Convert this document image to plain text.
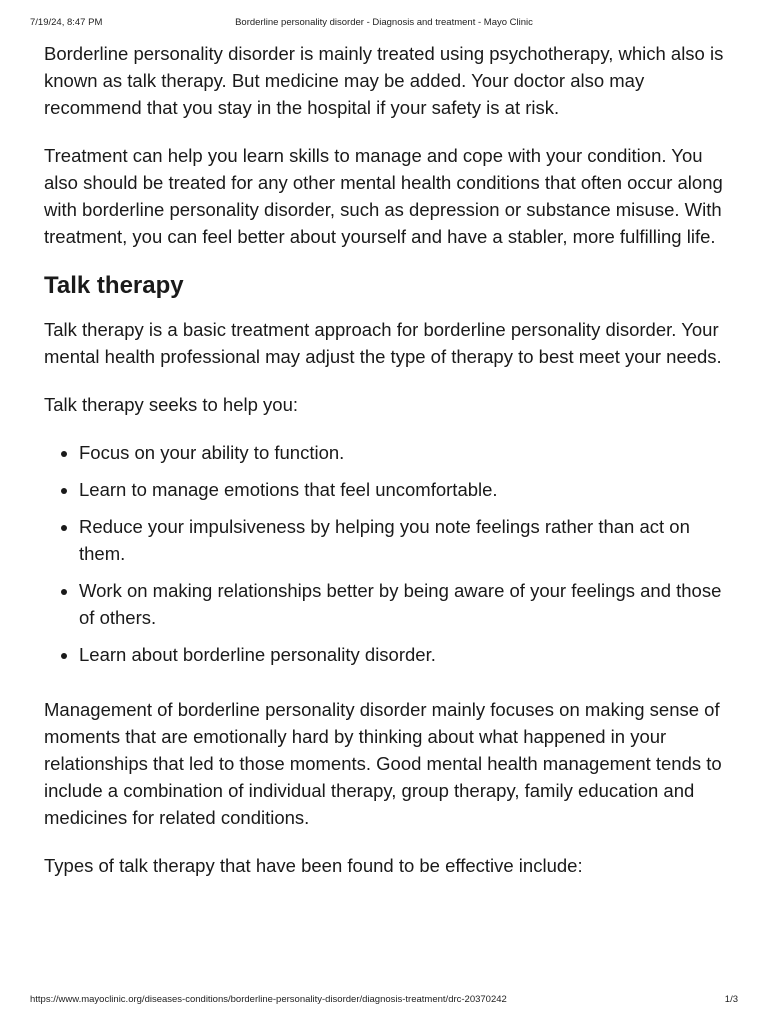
7/19/24, 8:47 PM	Borderline personality disorder - Diagnosis and treatment - Mayo Clinic

Borderline personality disorder is mainly treated using psychotherapy, which also is known as talk therapy. But medicine may be added. Your doctor also may recommend that you stay in the hospital if your safety is at risk.

Treatment can help you learn skills to manage and cope with your condition. You also should be treated for any other mental health conditions that often occur along with borderline personality disorder, such as depression or substance misuse. With treatment, you can feel better about yourself and have a stabler, more fulfilling life.

Talk therapy

Talk therapy is a basic treatment approach for borderline personality disorder. Your mental health professional may adjust the type of therapy to best meet your needs.

Talk therapy seeks to help you:

• Focus on your ability to function.
• Learn to manage emotions that feel uncomfortable.
• Reduce your impulsiveness by helping you note feelings rather than act on them.
• Work on making relationships better by being aware of your feelings and those of others.
• Learn about borderline personality disorder.

Management of borderline personality disorder mainly focuses on making sense of moments that are emotionally hard by thinking about what happened in your relationships that led to those moments. Good mental health management tends to include a combination of individual therapy, group therapy, family education and medicines for related conditions.

Types of talk therapy that have been found to be effective include:

https://www.mayoclinic.org/diseases-conditions/borderline-personality-disorder/diagnosis-treatment/drc-20370242	1/3
